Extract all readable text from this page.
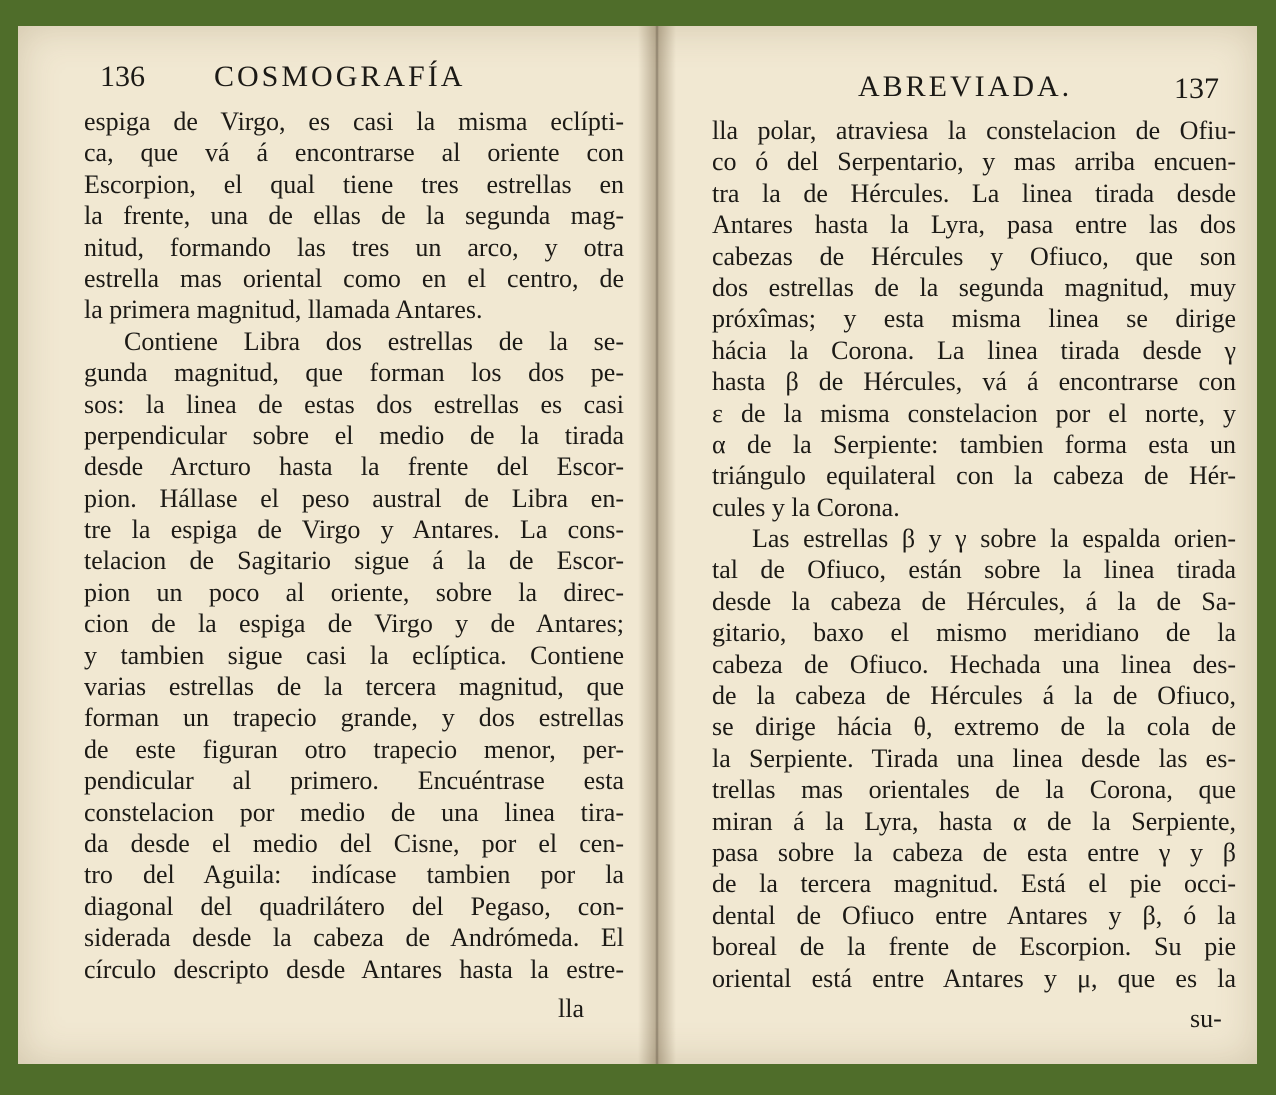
136 COSMOGRAFÍA
espiga de Virgo, es casi la misma eclípti-
ca, que vá á encontrarse al oriente con
Escorpion, el qual tiene tres estrellas en
la frente, una de ellas de la segunda mag-
nitud, formando las tres un arco, y otra
estrella mas oriental como en el centro, de
la primera magnitud, llamada Antares.
Contiene Libra dos estrellas de la se-
gunda magnitud, que forman los dos pe-
sos: la linea de estas dos estrellas es casi
perpendicular sobre el medio de la tirada
desde Arcturo hasta la frente del Escor-
pion. Hállase el peso austral de Libra en-
tre la espiga de Virgo y Antares. La cons-
telacion de Sagitario sigue á la de Escor-
pion un poco al oriente, sobre la direc-
cion de la espiga de Virgo y de Antares;
y tambien sigue casi la eclíptica. Contiene
varias estrellas de la tercera magnitud, que
forman un trapecio grande, y dos estrellas
de este figuran otro trapecio menor, per-
pendicular al primero. Encuéntrase esta
constelacion por medio de una linea tira-
da desde el medio del Cisne, por el cen-
tro del Aguila: indícase tambien por la
diagonal del quadrilátero del Pegaso, con-
siderada desde la cabeza de Andrómeda. El
círculo descripto desde Antares hasta la estre-
lla
ABREVIADA.	137
lla polar, atraviesa la constelacion de Ofiu-
co ó del Serpentario, y mas arriba encuen-
tra la de Hércules. La linea tirada desde
Antares hasta la Lyra, pasa entre las dos
cabezas de Hércules y Ofiuco, que son
dos estrellas de la segunda magnitud, muy
próxîmas; y esta misma linea se dirige
hácia la Corona. La linea tirada desde γ
hasta β de Hércules, vá á encontrarse con
ε de la misma constelacion por el norte, y
α de la Serpiente: tambien forma esta un
triángulo equilateral con la cabeza de Hér-
cules y la Corona.
Las estrellas β y γ sobre la espalda orien-
tal de Ofiuco, están sobre la linea tirada
desde la cabeza de Hércules, á la de Sa-
gitario, baxo el mismo meridiano de la
cabeza de Ofiuco. Hechada una linea des-
de la cabeza de Hércules á la de Ofiuco,
se dirige hácia θ, extremo de la cola de
la Serpiente. Tirada una linea desde las es-
trellas mas orientales de la Corona, que
miran á la Lyra, hasta α de la Serpiente,
pasa sobre la cabeza de esta entre γ y β
de la tercera magnitud. Está el pie occi-
dental de Ofiuco entre Antares y β, ó la
boreal de la frente de Escorpion. Su pie
oriental está entre Antares y μ, que es la
su-
